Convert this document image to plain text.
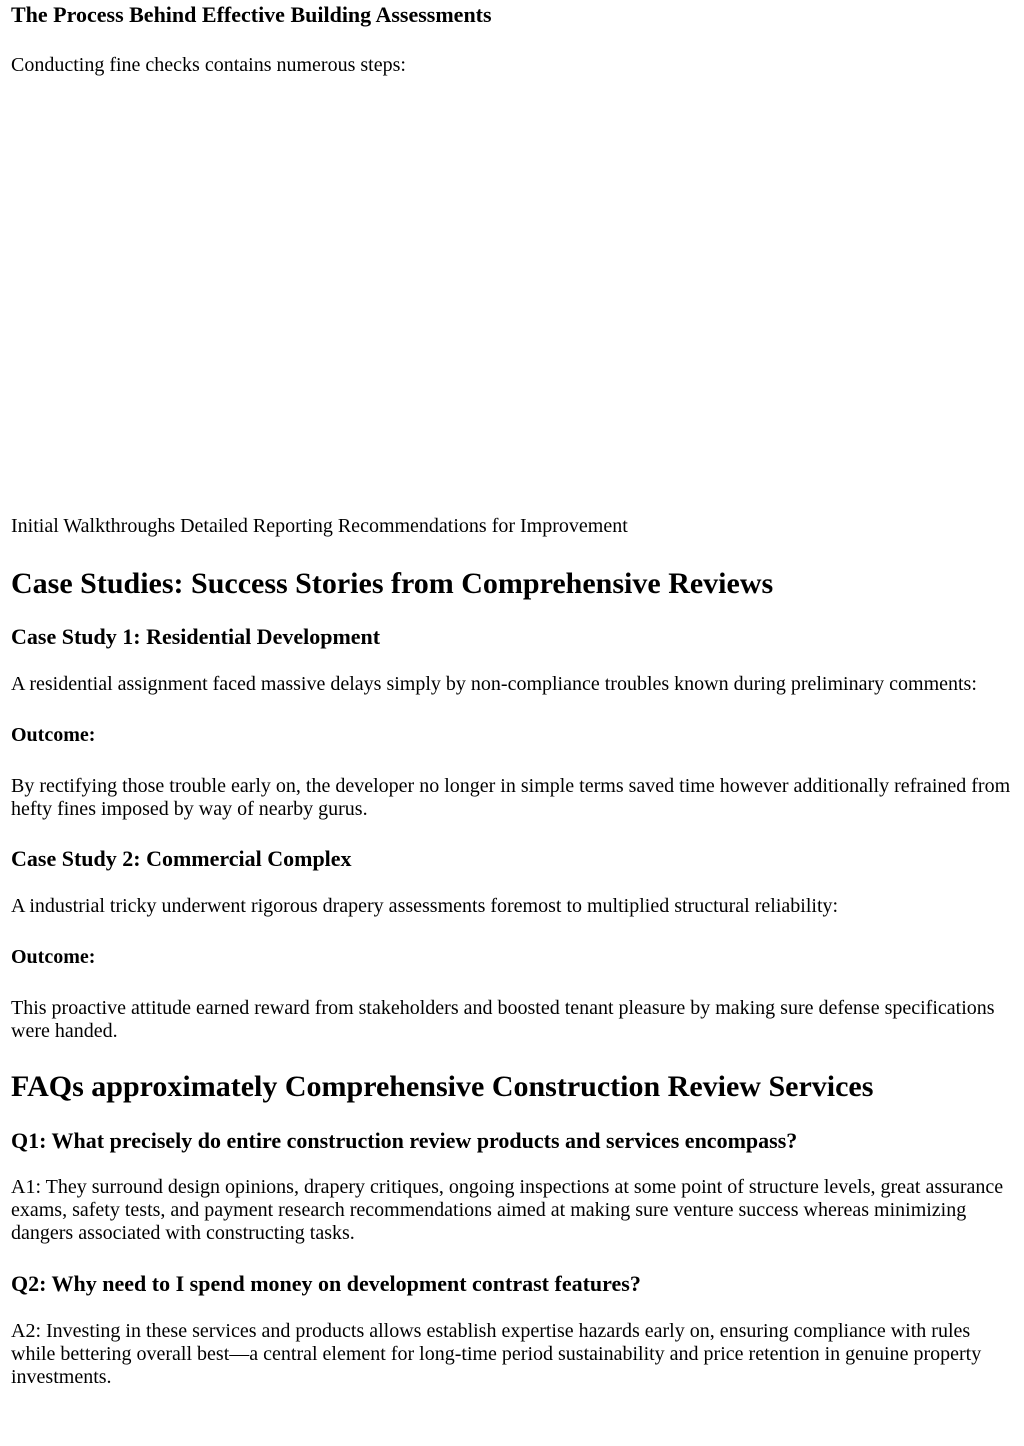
The Process Behind Effective Building Assessments
Conducting fine checks contains numerous steps:
Initial Walkthroughs Detailed Reporting Recommendations for Improvement
Case Studies: Success Stories from Comprehensive Reviews
Case Study 1: Residential Development
A residential assignment faced massive delays simply by non-compliance troubles known during preliminary comments:
Outcome:
By rectifying those trouble early on, the developer no longer in simple terms saved time however additionally refrained from hefty fines imposed by way of nearby gurus.
Case Study 2: Commercial Complex
A industrial tricky underwent rigorous drapery assessments foremost to multiplied structural reliability:
Outcome:
This proactive attitude earned reward from stakeholders and boosted tenant pleasure by making sure defense specifications were handed.
FAQs approximately Comprehensive Construction Review Services
Q1: What precisely do entire construction review products and services encompass?
A1: They surround design opinions, drapery critiques, ongoing inspections at some point of structure levels, great assurance exams, safety tests, and payment research recommendations aimed at making sure venture success whereas minimizing dangers associated with constructing tasks.
Q2: Why need to I spend money on development contrast features?
A2: Investing in these services and products allows establish expertise hazards early on, ensuring compliance with rules while bettering overall best—a central element for long-time period sustainability and price retention in genuine property investments.
